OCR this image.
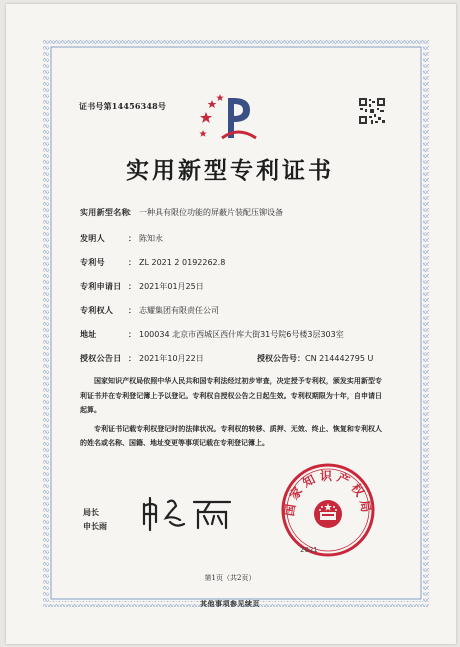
证书号第14456348号
实用新型专利证书
实用新型名称： 一种具有限位功能的屏蔽片装配压铆设备
发明人	： 陈知永
专利号	： ZL 2021 2 0192262.8
专利申请日 ： 2021年01月25日
专利权人 ： 志耀集团有限责任公司
地址	： 100034 北京市西城区西什库大街31号院6号楼3层303室
授权公告日 ： 2021年10月22日	授权公告号：CN 214442795 U

国家知识产权局依照中华人民共和国专利法经过初步审查，决定授予专利权，颁发实用新型专利证书并在专利登记簿上予以登记。专利权自授权公告之日起生效。专利权期限为十年，自申请日起算。

专利证书记载专利权登记时的法律状况。专利权的转移、质押、无效、终止、恢复和专利权人的姓名或名称、国籍、地址变更等事项记载在专利登记簿上。

局长
申长雨
国家知识产权局
2021
第1页（共2页）
其他事项参见续页
